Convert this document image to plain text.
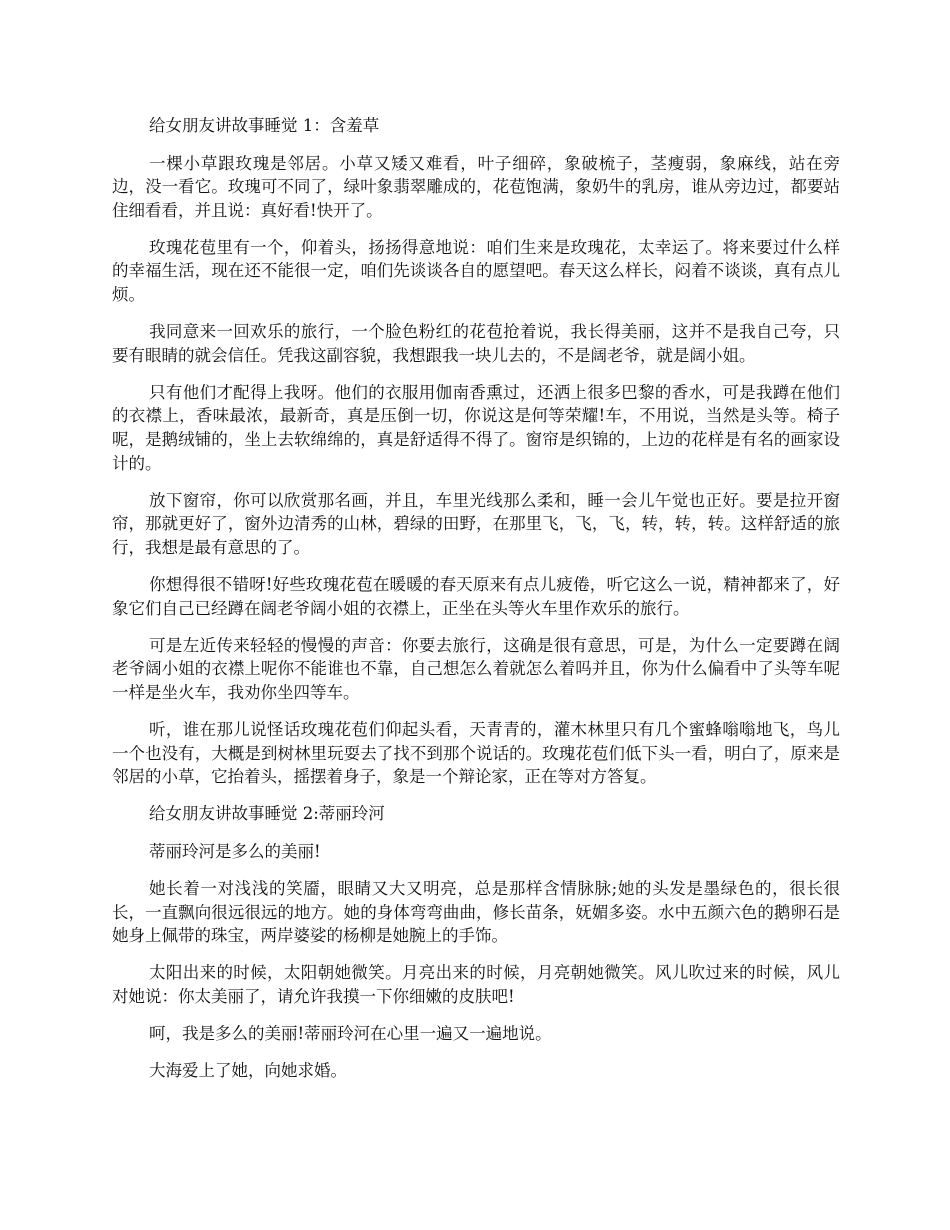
给女朋友讲故事睡觉 1：含羞草

一棵小草跟玫瑰是邻居。小草又矮又难看，叶子细碎，象破梳子，茎瘦弱，象麻线，站在旁边，没一看它。玫瑰可不同了，绿叶象翡翠雕成的，花苞饱满，象奶牛的乳房，谁从旁边过，都要站住细看看，并且说：真好看!快开了。

玫瑰花苞里有一个，仰着头，扬扬得意地说：咱们生来是玫瑰花，太幸运了。将来要过什么样的幸福生活，现在还不能很一定，咱们先谈谈各自的愿望吧。春天这么样长，闷着不谈谈，真有点儿烦。

我同意来一回欢乐的旅行，一个脸色粉红的花苞抢着说，我长得美丽，这并不是我自己夸，只要有眼睛的就会信任。凭我这副容貌，我想跟我一块儿去的，不是阔老爷，就是阔小姐。

只有他们才配得上我呀。他们的衣服用伽南香熏过，还洒上很多巴黎的香水，可是我蹲在他们的衣襟上，香味最浓，最新奇，真是压倒一切，你说这是何等荣耀!车，不用说，当然是头等。椅子呢，是鹅绒铺的，坐上去软绵绵的，真是舒适得不得了。窗帘是织锦的，上边的花样是有名的画家设计的。

放下窗帘，你可以欣赏那名画，并且，车里光线那么柔和，睡一会儿午觉也正好。要是拉开窗帘，那就更好了，窗外边清秀的山林，碧绿的田野，在那里飞，飞，飞，转，转，转。这样舒适的旅行，我想是最有意思的了。

你想得很不错呀!好些玫瑰花苞在暖暖的春天原来有点儿疲倦，听它这么一说，精神都来了，好象它们自己已经蹲在阔老爷阔小姐的衣襟上，正坐在头等火车里作欢乐的旅行。

可是左近传来轻轻的慢慢的声音：你要去旅行，这确是很有意思，可是，为什么一定要蹲在阔老爷阔小姐的衣襟上呢你不能谁也不靠，自己想怎么着就怎么着吗并且，你为什么偏看中了头等车呢一样是坐火车，我劝你坐四等车。

听，谁在那儿说怪话玫瑰花苞们仰起头看，天青青的，灌木林里只有几个蜜蜂嗡嗡地飞，鸟儿一个也没有，大概是到树林里玩耍去了找不到那个说话的。玫瑰花苞们低下头一看，明白了，原来是邻居的小草，它抬着头，摇摆着身子，象是一个辩论家，正在等对方答复。

给女朋友讲故事睡觉 2:蒂丽玲河

蒂丽玲河是多么的美丽!

她长着一对浅浅的笑靥，眼睛又大又明亮，总是那样含情脉脉;她的头发是墨绿色的，很长很长，一直飘向很远很远的地方。她的身体弯弯曲曲，修长苗条，妩媚多姿。水中五颜六色的鹅卵石是她身上佩带的珠宝，两岸婆娑的杨柳是她腕上的手饰。

太阳出来的时候，太阳朝她微笑。月亮出来的时候，月亮朝她微笑。风儿吹过来的时候，风儿对她说：你太美丽了，请允许我摸一下你细嫩的皮肤吧!

呵，我是多么的美丽!蒂丽玲河在心里一遍又一遍地说。

大海爱上了她，向她求婚。
